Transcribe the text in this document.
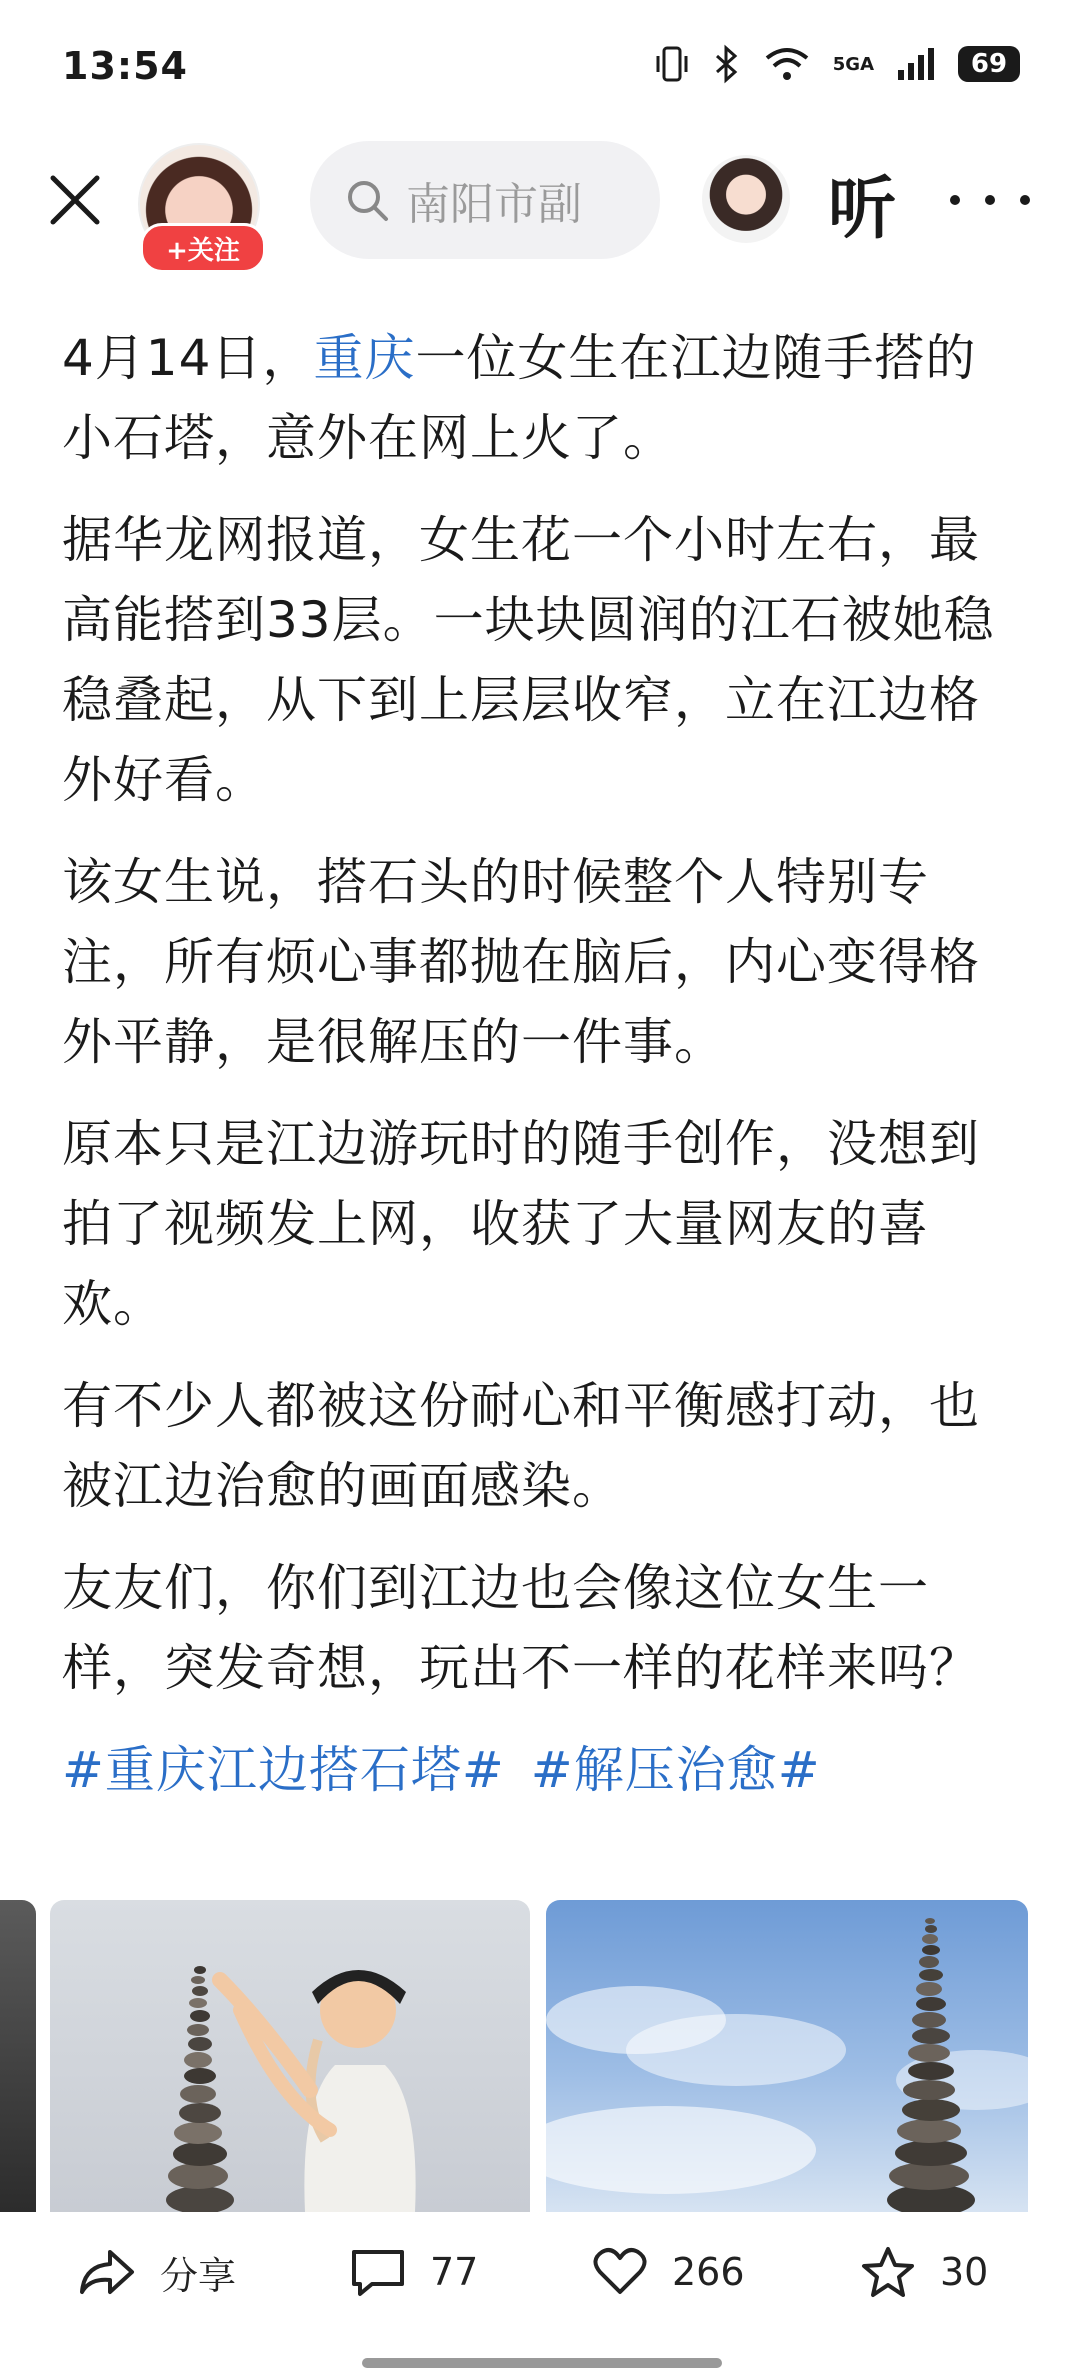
13:54	5GA	69
+关注
南阳市副	听

4月14日，重庆一位女生在江边随手搭的小石塔，意外在网上火了。

据华龙网报道，女生花一个小时左右，最高能搭到33层。一块块圆润的江石被她稳稳叠起，从下到上层层收窄，立在江边格外好看。

该女生说，搭石头的时候整个人特别专注，所有烦心事都抛在脑后，内心变得格外平静，是很解压的一件事。

原本只是江边游玩时的随手创作，没想到拍了视频发上网，收获了大量网友的喜欢。

有不少人都被这份耐心和平衡感打动，也被江边治愈的画面感染。

友友们，你们到江边也会像这位女生一样，突发奇想，玩出不一样的花样来吗？

#重庆江边搭石塔# #解压治愈#
分享	77	266	30
